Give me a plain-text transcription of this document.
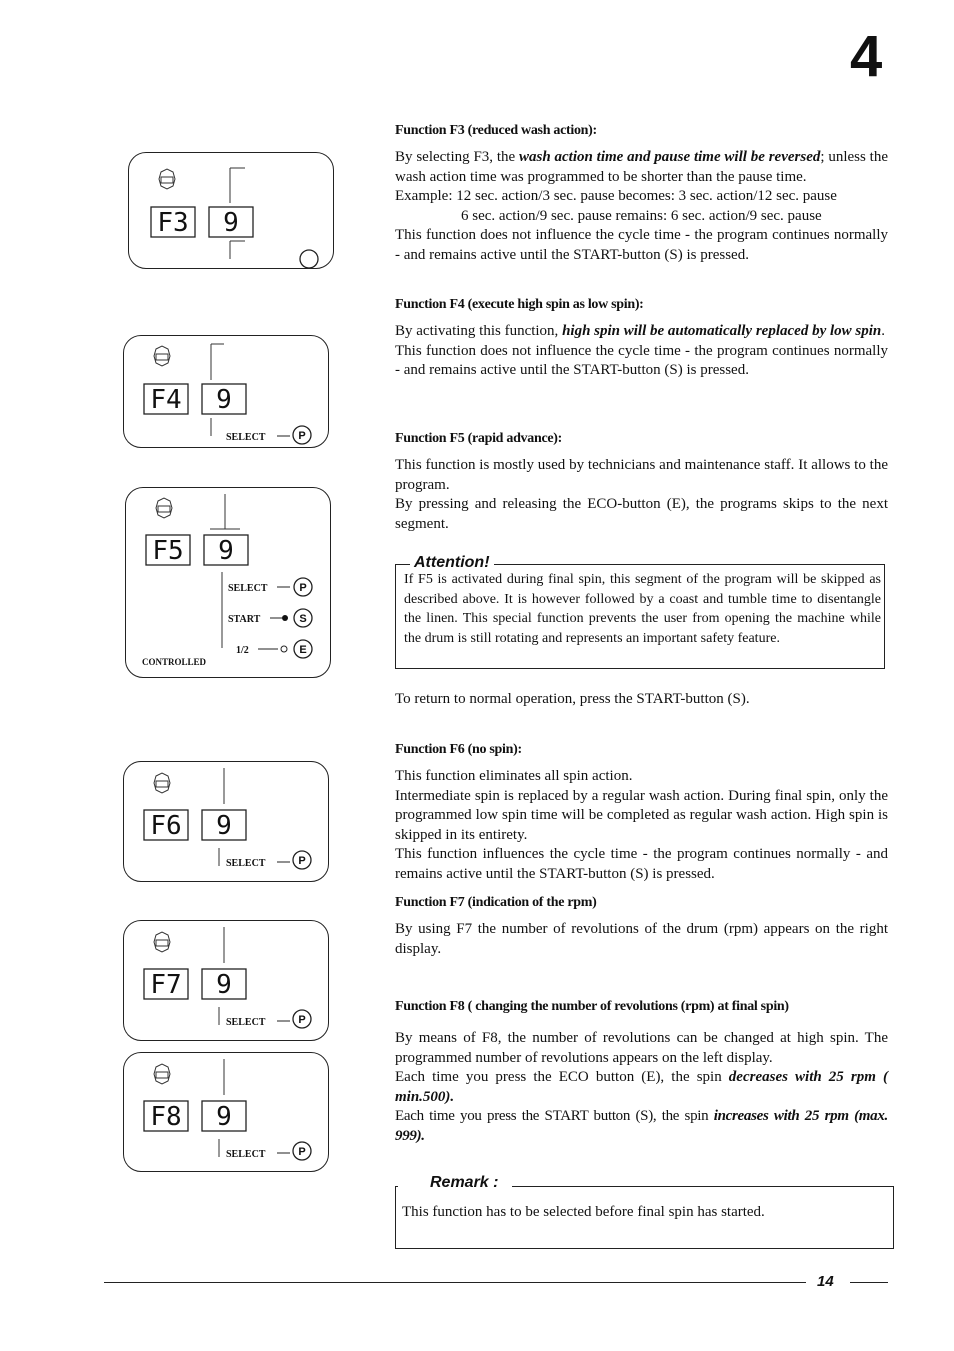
4
F3 9
F4 9
SELECT	P
F5 9
SELECT	P
START	S
1/2	E
CONTROLLED
F6 9
SELECT	P
F7 9
SELECT	P
F8 9
SELECT	P
Function F3 (reduced wash action):

By selecting F3, the wash action time and pause time will be reversed; unless the wash action time was programmed to be shorter than the pause time.

Example: 12 sec. action/3 sec. pause becomes: 3 sec. action/12 sec. pause

6 sec. action/9 sec. pause remains: 6 sec. action/9 sec. pause

This function does not influence the cycle time - the program continues normally - and remains active until the START-button (S) is pressed.

Function F4 (execute high spin as low spin):

By activating this function, high spin will be automatically replaced by low spin.

This function does not influence the cycle time - the program continues normally - and remains active until the START-button (S) is pressed.

Function F5 (rapid advance):

This function is mostly used by technicians and maintenance staff. It allows to the program.

By pressing and releasing the ECO-button (E), the programs skips to the next segment.

Attention!
If F5 is activated during final spin, this segment of the program will be skipped as described above. It is however followed by a coast and tumble time to disentangle the linen. This special function prevents the user from opening the machine while the drum is still rotating and represents an important safety feature.
To return to normal operation, press the START-button (S).
Function F6 (no spin):

This function eliminates all spin action.

Intermediate spin is replaced by a regular wash action. During final spin, only the programmed low spin time will be completed as regular wash action. High spin is skipped in its entirety.

This function influences the cycle time - the program continues normally - and remains active until the START-button (S) is pressed.

Function F7 (indication of the rpm)

By using F7 the number of revolutions of the drum (rpm) appears on the right display.

Function F8 ( changing the number of revolutions (rpm) at final spin)

By means of F8, the number of revolutions can be changed at high spin. The programmed number of revolutions appears on the left display.

Each time you press the ECO button (E), the spin decreases with 25 rpm ( min.500).

Each time you press the START button (S), the spin increases with 25 rpm (max. 999).

Remark :
This function has to be selected before final spin has started.
14
